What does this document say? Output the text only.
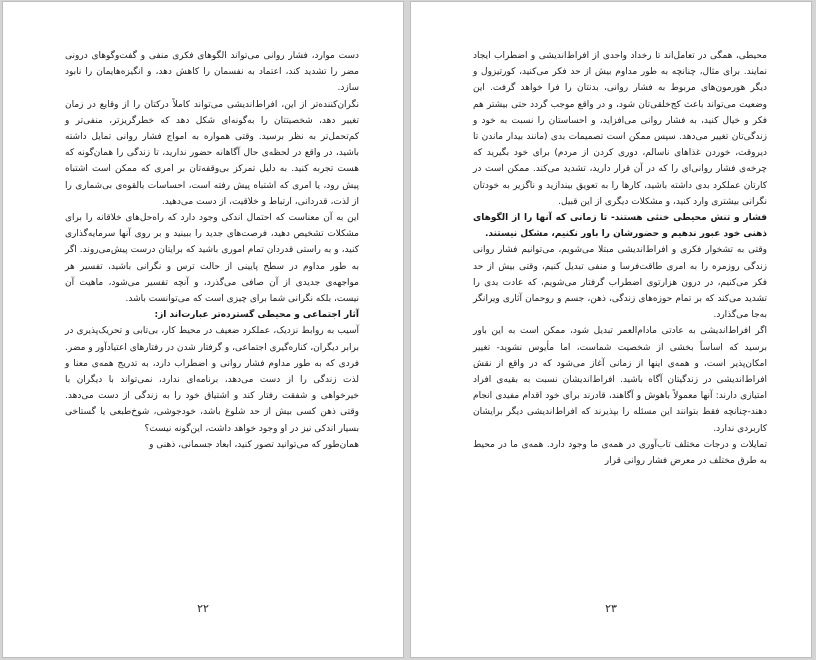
دست موارد، فشار روانی می‌تواند الگوهای فکری منفی و گفت‌وگوهای درونی مضر را تشدید کند، اعتماد به نفسمان را کاهش دهد، و انگیزه‌هایمان را نابود سازد.

نگران‌کننده‌تر از این، افراط‌اندیشی می‌تواند کاملاً درکتان را از وقایع در زمان تغییر دهد، شخصیتتان را به‌گونه‌ای شکل دهد که خطرگریزتر، منفی‌تر و کم‌تحمل‌تر به نظر برسید. وقتی همواره به امواج فشار روانی تمایل داشته باشید، در واقع در لحظه‌ی حال آگاهانه حضور ندارید، تا زندگی را همان‌گونه که هست تجربه کنید. به دلیل تمرکز بی‌وقفه‌تان بر امری که ممکن است اشتباه پیش رود، یا امری که اشتباه پیش رفته است، احساسات بالقوه‌ی بی‌شماری را از لذت، قدردانی، ارتباط و خلاقیت، از دست می‌دهید.

این به آن معناست که احتمال اندکی وجود دارد که راه‌حل‌های خلاقانه را برای مشکلات تشخیص دهید، فرصت‌های جدید را ببینید و بر روی آنها سرمایه‌گذاری کنید، و به راستی قدردان تمام اموری باشید که برایتان درست پیش‌می‌روند. اگر به طور مداوم در سطح پایینی از حالت ترس و نگرانی باشید، تفسیر هر مواجهه‌ی جدیدی از آن صافی می‌گذرد، و آنچه تفسیر می‌شود، ماهیت آن نیست، بلکه نگرانی شما برای چیزی است که می‌توانست باشد.

آثار اجتماعی و محیطی گسترده‌تر عبارت‌اند از:

آسیب به روابط نزدیک، عملکرد ضعیف در محیط کار، بی‌تابی و تحریک‌پذیری در برابر دیگران، کناره‌گیری اجتماعی، و گرفتار شدن در رفتارهای اعتیادآور و مضر. فردی که به طور مداوم فشار روانی و اضطراب دارد، به تدریج همه‌ی معنا و لذت زندگی را از دست می‌دهد، برنامه‌ای ندارد، نمی‌تواند با دیگران با خیرخواهی و شفقت رفتار کند و اشتیاق خود را به زندگی از دست می‌دهد. وقتی ذهن کسی بیش از حد شلوغ باشد، خودجوشی، شوخ‌طبعی یا گستاخی بسیار اندکی نیز در او وجود خواهد داشت، این‌گونه نیست؟

همان‌طور که می‌توانید تصور کنید، ابعاد جسمانی، ذهنی و

۲۲

محیطی، همگی در تعامل‌اند تا رخداد واحدی از افراط‌اندیشی و اضطراب ایجاد نمایند. برای مثال، چنانچه به طور مداوم بیش از حد فکر می‌کنید، کورتیزول و دیگر هورمون‌های مربوط به فشار روانی، بدنتان را فرا خواهد گرفت. این وضعیت می‌تواند باعث کج‌خلقی‌تان شود، و در واقع موجب گردد حتی بیشتر هم فکر و خیال کنید، به فشار روانی می‌افزاید، و احساستان را نسبت به خود و زندگی‌تان تغییر می‌دهد. سپس ممکن است تصمیمات بدی (مانند بیدار ماندن تا دیروقت، خوردن غذاهای ناسالم، دوری کردن از مردم) برای خود بگیرید که چرخه‌ی فشار روانی‌ای را که در آن قرار دارید، تشدید می‌کند. ممکن است در کارتان عملکرد بدی داشته باشید، کارها را به تعویق بیندازید و ناگزیر به خودتان نگرانی بیشتری وارد کنید، و مشکلات دیگری از این قبیل.

فشار و تنش محیطی خنثی هستند- تا زمانی که آنها را از الگوهای ذهنی خود عبور ندهیم و حضورشان را باور نکنیم، مشکل نیستند.

وقتی به تشخوار فکری و افراط‌اندیشی مبتلا می‌شویم، می‌توانیم فشار روانی زندگی روزمره را به امری طاقت‌فرسا و منفی تبدیل کنیم، وقتی بیش از حد فکر می‌کنیم، در درون هزارتوی اضطراب گرفتار می‌شویم، که عادت بدی را تشدید می‌کند که بر تمام حوزه‌های زندگی، ذهن، جسم و روحمان آثاری ویرانگر به‌جا می‌گذارد.

اگر افراط‌اندیشی به عادتی مادام‌العمر تبدیل شود، ممکن است به این باور برسید که اساساً بخشی از شخصیت شماست، اما مأیوس نشوید- تغییر امکان‌پذیر است، و همه‌ی اینها از زمانی آغاز می‌شود که در واقع از نقش افراط‌اندیشی در زندگیتان آگاه باشید. افراط‌اندیشان نسبت به بقیه‌ی افراد امتیازی دارند: آنها معمولاً باهوش و آگاهند، قادرند برای خود اقدام مفیدی انجام دهند-چنانچه فقط بتوانند این مسئله را بپذیرند که افراط‌اندیشی دیگر برایشان کاربردی ندارد.

تمایلات و درجات مختلف تاب‌آوری در همه‌ی ما وجود دارد. همه‌ی ما در محیط به طرق مختلف در معرض فشار روانی قرار

۲۳
